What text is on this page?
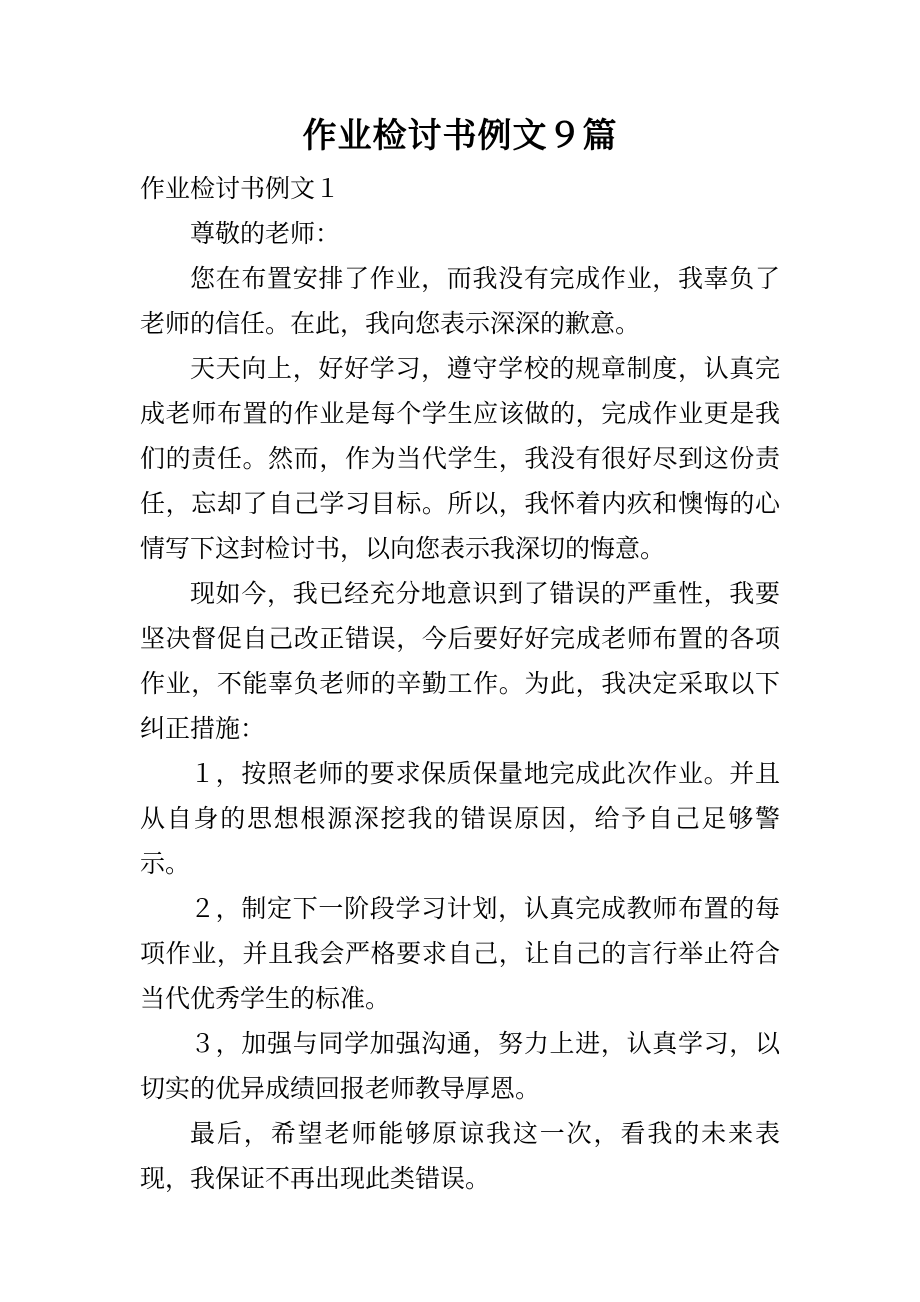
作业检讨书例文９篇
作业检讨书例文１

尊敬的老师：

您在布置安排了作业，而我没有完成作业，我辜负了老师的信任。在此，我向您表示深深的歉意。

天天向上，好好学习，遵守学校的规章制度，认真完成老师布置的作业是每个学生应该做的，完成作业更是我们的责任。然而，作为当代学生，我没有很好尽到这份责任，忘却了自己学习目标。所以，我怀着内疚和懊悔的心情写下这封检讨书，以向您表示我深切的悔意。

现如今，我已经充分地意识到了错误的严重性，我要坚决督促自己改正错误，今后要好好完成老师布置的各项作业，不能辜负老师的辛勤工作。为此，我决定采取以下纠正措施：

１，按照老师的要求保质保量地完成此次作业。并且从自身的思想根源深挖我的错误原因，给予自己足够警示。

２，制定下一阶段学习计划，认真完成教师布置的每项作业，并且我会严格要求自己，让自己的言行举止符合当代优秀学生的标准。

３，加强与同学加强沟通，努力上进，认真学习，以切实的优异成绩回报老师教导厚恩。

最后，希望老师能够原谅我这一次，看我的未来表现，我保证不再出现此类错误。
